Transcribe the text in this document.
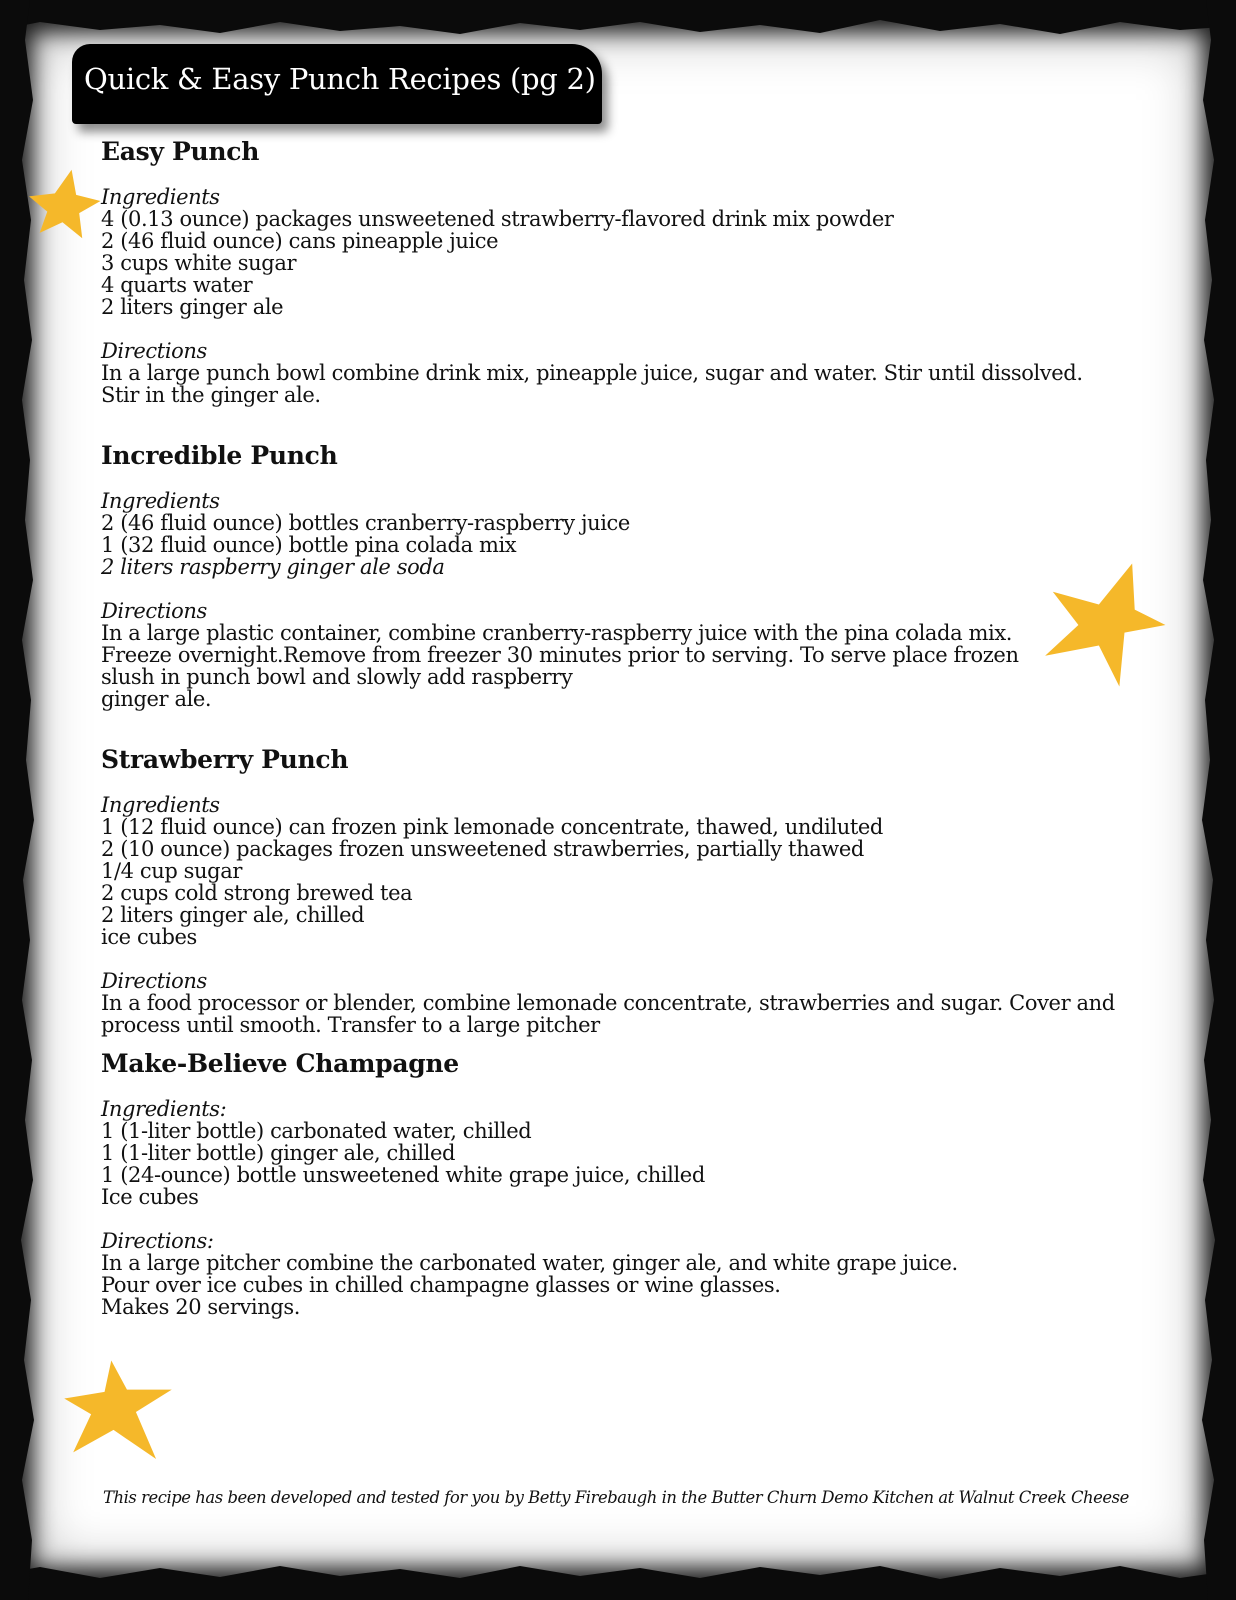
Quick & Easy Punch Recipes (pg 2)
Easy Punch
Ingredients
4 (0.13 ounce) packages unsweetened strawberry-flavored drink mix powder
2 (46 fluid ounce) cans pineapple juice
3 cups white sugar
4 quarts water
2 liters ginger ale
Directions
In a large punch bowl combine drink mix, pineapple juice, sugar and water. Stir until dissolved.
Stir in the ginger ale.
Incredible Punch
Ingredients
2 (46 fluid ounce) bottles cranberry-raspberry juice
1 (32 fluid ounce) bottle pina colada mix
2 liters raspberry ginger ale soda
Directions
In a large plastic container, combine cranberry-raspberry juice with the pina colada mix.
Freeze overnight.Remove from freezer 30 minutes prior to serving. To serve place frozen
slush in punch bowl and slowly add raspberry
ginger ale.
Strawberry Punch
Ingredients
1 (12 fluid ounce) can frozen pink lemonade concentrate, thawed, undiluted
2 (10 ounce) packages frozen unsweetened strawberries, partially thawed
1/4 cup sugar
2 cups cold strong brewed tea
2 liters ginger ale, chilled
ice cubes
Directions
In a food processor or blender, combine lemonade concentrate, strawberries and sugar. Cover and
process until smooth. Transfer to a large pitcher
Make-Believe Champagne
Ingredients:
1 (1-liter bottle) carbonated water, chilled
1 (1-liter bottle) ginger ale, chilled
1 (24-ounce) bottle unsweetened white grape juice, chilled
Ice cubes
Directions:
In a large pitcher combine the carbonated water, ginger ale, and white grape juice.
Pour over ice cubes in chilled champagne glasses or wine glasses.
Makes 20 servings.
This recipe has been developed and tested for you by Betty Firebaugh in the Butter Churn Demo Kitchen at Walnut Creek Cheese
